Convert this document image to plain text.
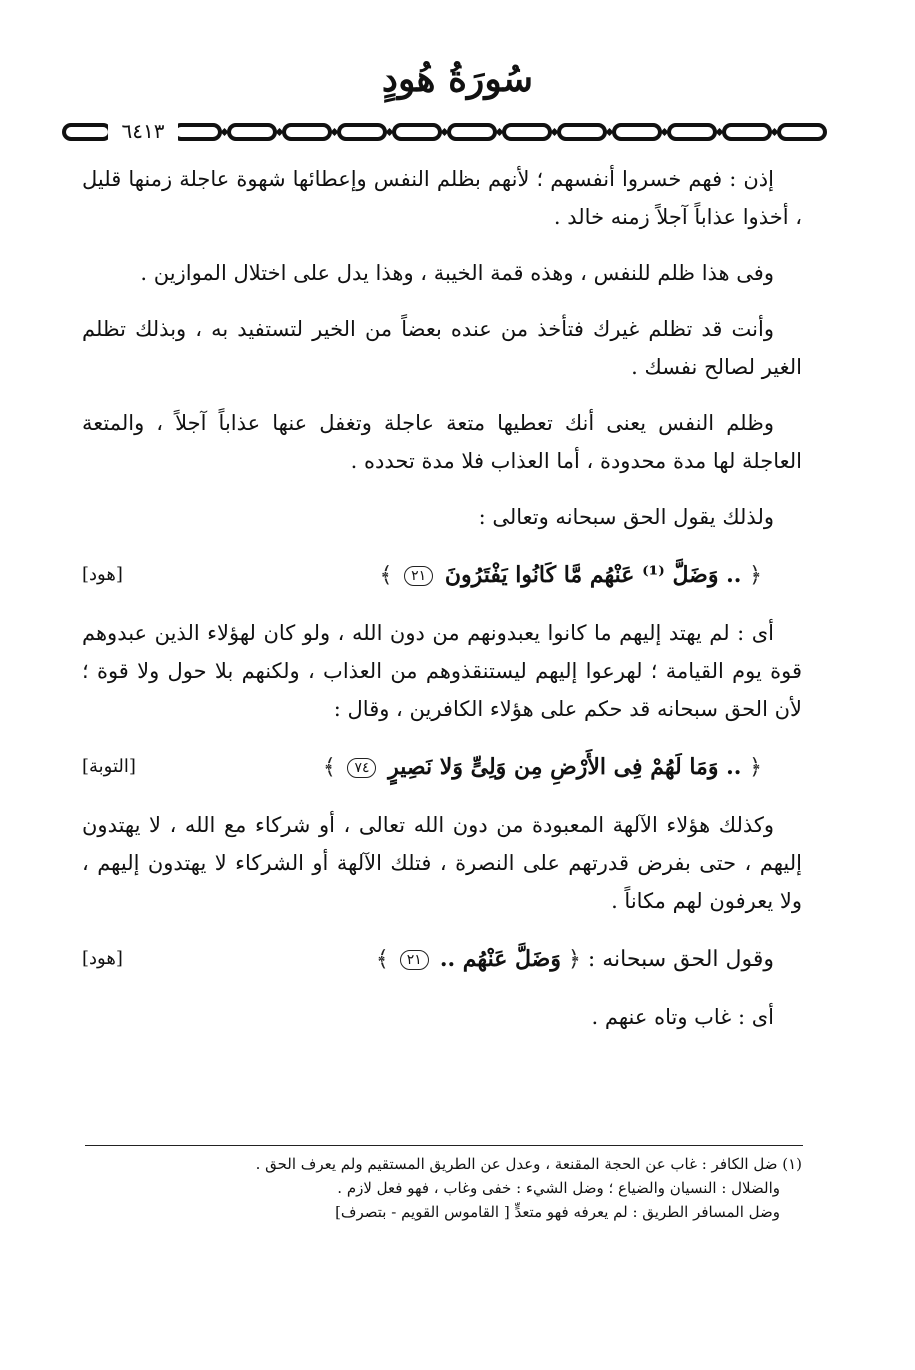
سُورَةُ هُودٍ
٦٤١٣

إذن : فهم خسروا أنفسهم ؛ لأنهم بظلم النفس وإعطائها شهوة عاجلة زمنها قليل ، أخذوا عذاباً آجلاً زمنه خالد .

وفى هذا ظلم للنفس ، وهذه قمة الخيبة ، وهذا يدل على اختلال الموازين .

وأنت قد تظلم غيرك فتأخذ من عنده بعضاً من الخير لتستفيد به ، وبذلك تظلم الغير لصالح نفسك .

وظلم النفس يعنى أنك تعطيها متعة عاجلة وتغفل عنها عذاباً آجلاً ، والمتعة العاجلة لها مدة محدودة ، أما العذاب فلا مدة تحدده .

ولذلك يقول الحق سبحانه وتعالى :

﴿ .. وَضَلَّ ⁽¹⁾ عَنْهُم مَّا كَانُوا يَفْتَرُونَ ٢١ ﴾
[هود]

أى : لم يهتد إليهم ما كانوا يعبدونهم من دون الله ، ولو كان لهؤلاء الذين عبدوهم قوة يوم القيامة ؛ لهرعوا إليهم ليستنقذوهم من العذاب ، ولكنهم بلا حول ولا قوة ؛ لأن الحق سبحانه قد حكم على هؤلاء الكافرين ، وقال :

﴿ .. وَمَا لَهُمْ فِى الأَرْضِ مِن وَلِىٍّ وَلا نَصِيرٍ ٧٤ ﴾
[التوبة]

وكذلك هؤلاء الآلهة المعبودة من دون الله تعالى ، أو شركاء مع الله ، لا يهتدون إليهم ، حتى بفرض قدرتهم على النصرة ، فتلك الآلهة أو الشركاء لا يهتدون إليهم ، ولا يعرفون لهم مكاناً .

وقول الحق سبحانه : ﴿ وَضَلَّ عَنْهُم .. ٢١ ﴾
[هود]

أى : غاب وتاه عنهم .

(١) ضل الكافر : غاب عن الحجة المقنعة ، وعدل عن الطريق المستقيم ولم يعرف الحق .
والضلال : النسيان والضياع ؛ وضل الشيء : خفى وغاب ، فهو فعل لازم .
وضل المسافر الطريق : لم يعرفه فهو متعدٍّ [ القاموس القويم - بتصرف]
